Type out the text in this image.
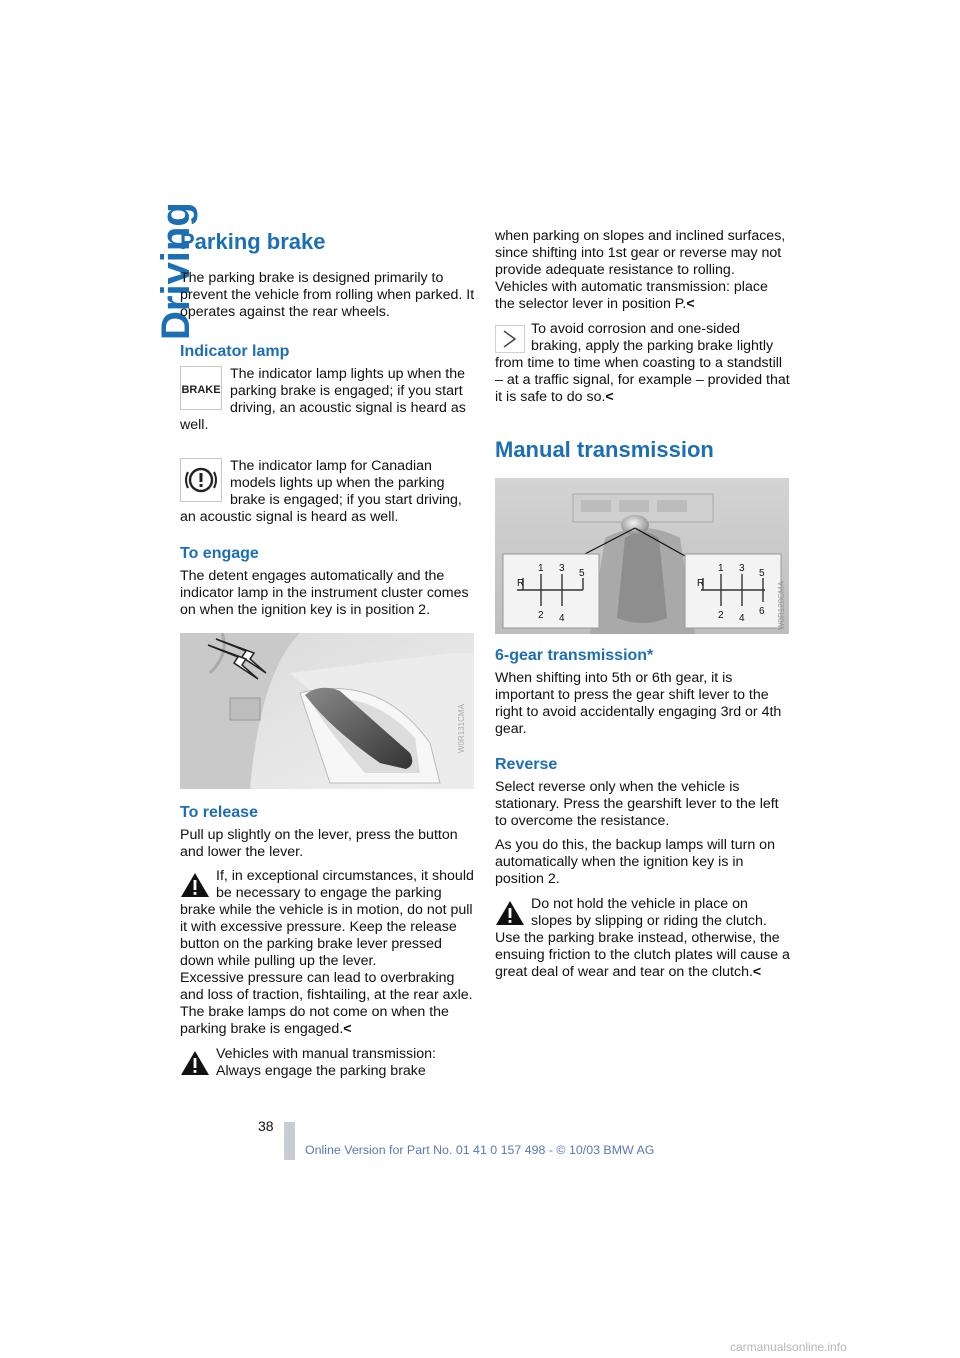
Driving
Parking brake

The parking brake is designed primarily to prevent the vehicle from rolling when parked. It operates against the rear wheels.

Indicator lamp
BRAKE
The indicator lamp lights up when the parking brake is engaged; if you start driving, an acoustic signal is heard as well.
The indicator lamp for Canadian models lights up when the parking brake is engaged; if you start driving, an acoustic signal is heard as well.
To engage

The detent engages automatically and the indicator lamp in the instrument cluster comes on when the ignition key is in position 2.

W0R131CMA
To release

Pull up slightly on the lever, press the button and lower the lever.

If, in exceptional circumstances, it should be necessary to engage the parking brake while the vehicle is in motion, do not pull it with excessive pressure. Keep the release button on the parking brake lever pressed down while pulling up the lever.
Excessive pressure can lead to overbraking and loss of traction, fishtailing, at the rear axle.
The brake lamps do not come on when the parking brake is engaged.<
Vehicles with manual transmission: Always engage the parking brake

when parking on slopes and inclined surfaces, since shifting into 1st gear or reverse may not provide adequate resistance to rolling. Vehicles with automatic transmission: place the selector lever in position P.<

To avoid corrosion and one-sided braking, apply the parking brake lightly from time to time when coasting to a standstill – at a traffic signal, for example – provided that it is safe to do so.<
Manual transmission
R
1
2
3
4
5
R
1
2
3
4
5
6 W0R128CMA
6-gear transmission*

When shifting into 5th or 6th gear, it is important to press the gear shift lever to the right to avoid accidentally engaging 3rd or 4th gear.

Reverse

Select reverse only when the vehicle is stationary. Press the gearshift lever to the left to overcome the resistance.

As you do this, the backup lamps will turn on automatically when the ignition key is in position 2.

Do not hold the vehicle in place on slopes by slipping or riding the clutch. Use the parking brake instead, otherwise, the ensuing friction to the clutch plates will cause a great deal of wear and tear on the clutch.<
38
Online Version for Part No. 01 41 0 157 498 - © 10/03 BMW AG
carmanualsonline.info
